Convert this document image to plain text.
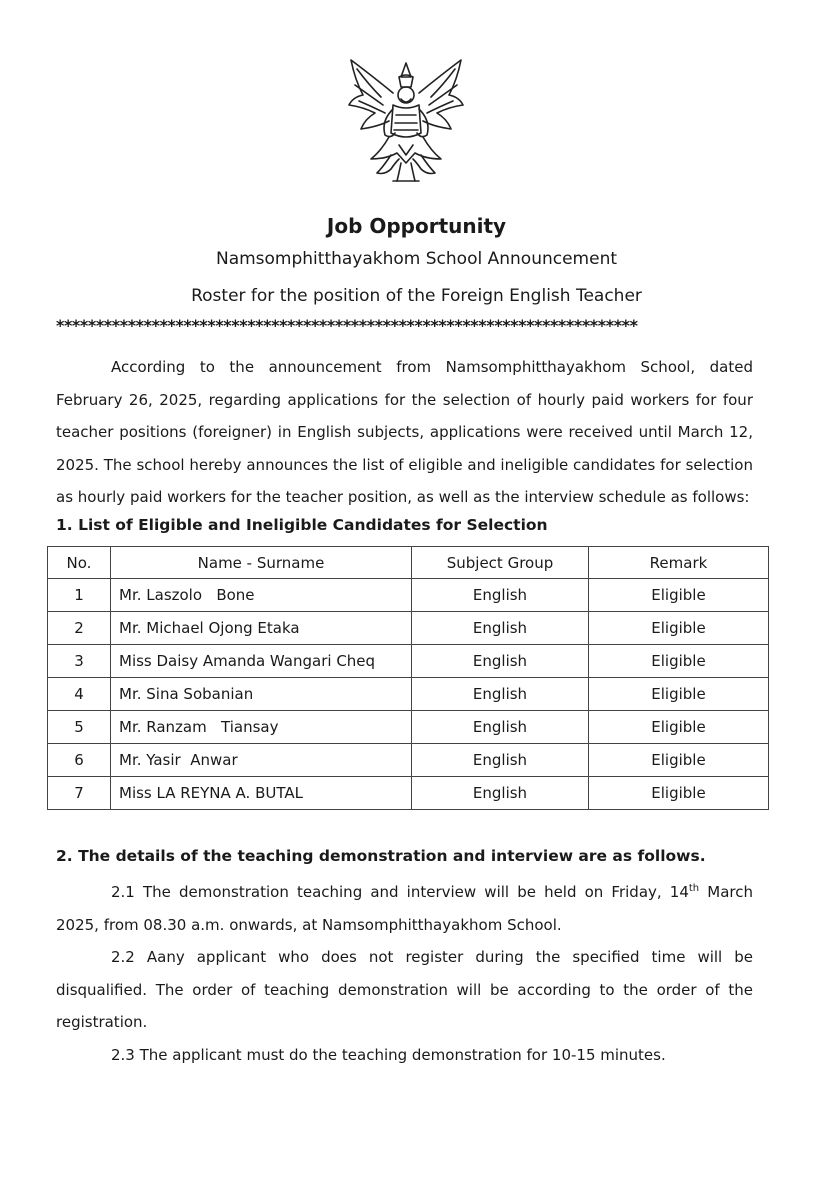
Job Opportunity
Namsomphitthayakhom School Announcement
Roster for the position of the Foreign English Teacher
*************************************************************************
According to the announcement from Namsomphitthayakhom School, dated February 26, 2025, regarding applications for the selection of hourly paid workers for four teacher positions (foreigner) in English subjects, applications were received until March 12, 2025. The school hereby announces the list of eligible and ineligible candidates for selection as hourly paid workers for the teacher position, as well as the interview schedule as follows:
1. List of Eligible and Ineligible Candidates for Selection
No.	Name - Surname	Subject Group	Remark
1	Mr. Laszolo   Bone	English	Eligible
2	Mr. Michael Ojong Etaka	English	Eligible
3	Miss Daisy Amanda Wangari Cheq	English	Eligible
4	Mr. Sina Sobanian	English	Eligible
5	Mr. Ranzam   Tiansay	English	Eligible
6	Mr. Yasir  Anwar	English	Eligible
7	Miss LA REYNA A. BUTAL	English	Eligible
2. The details of the teaching demonstration and interview are as follows.
2.1 The demonstration teaching and interview will be held on Friday, 14th March 2025, from 08.30 a.m. onwards, at Namsomphitthayakhom School.
2.2 Aany applicant who does not register during the specified time will be disqualified. The order of teaching demonstration will be according to the order of the registration.
2.3 The applicant must do the teaching demonstration for 10-15 minutes.
